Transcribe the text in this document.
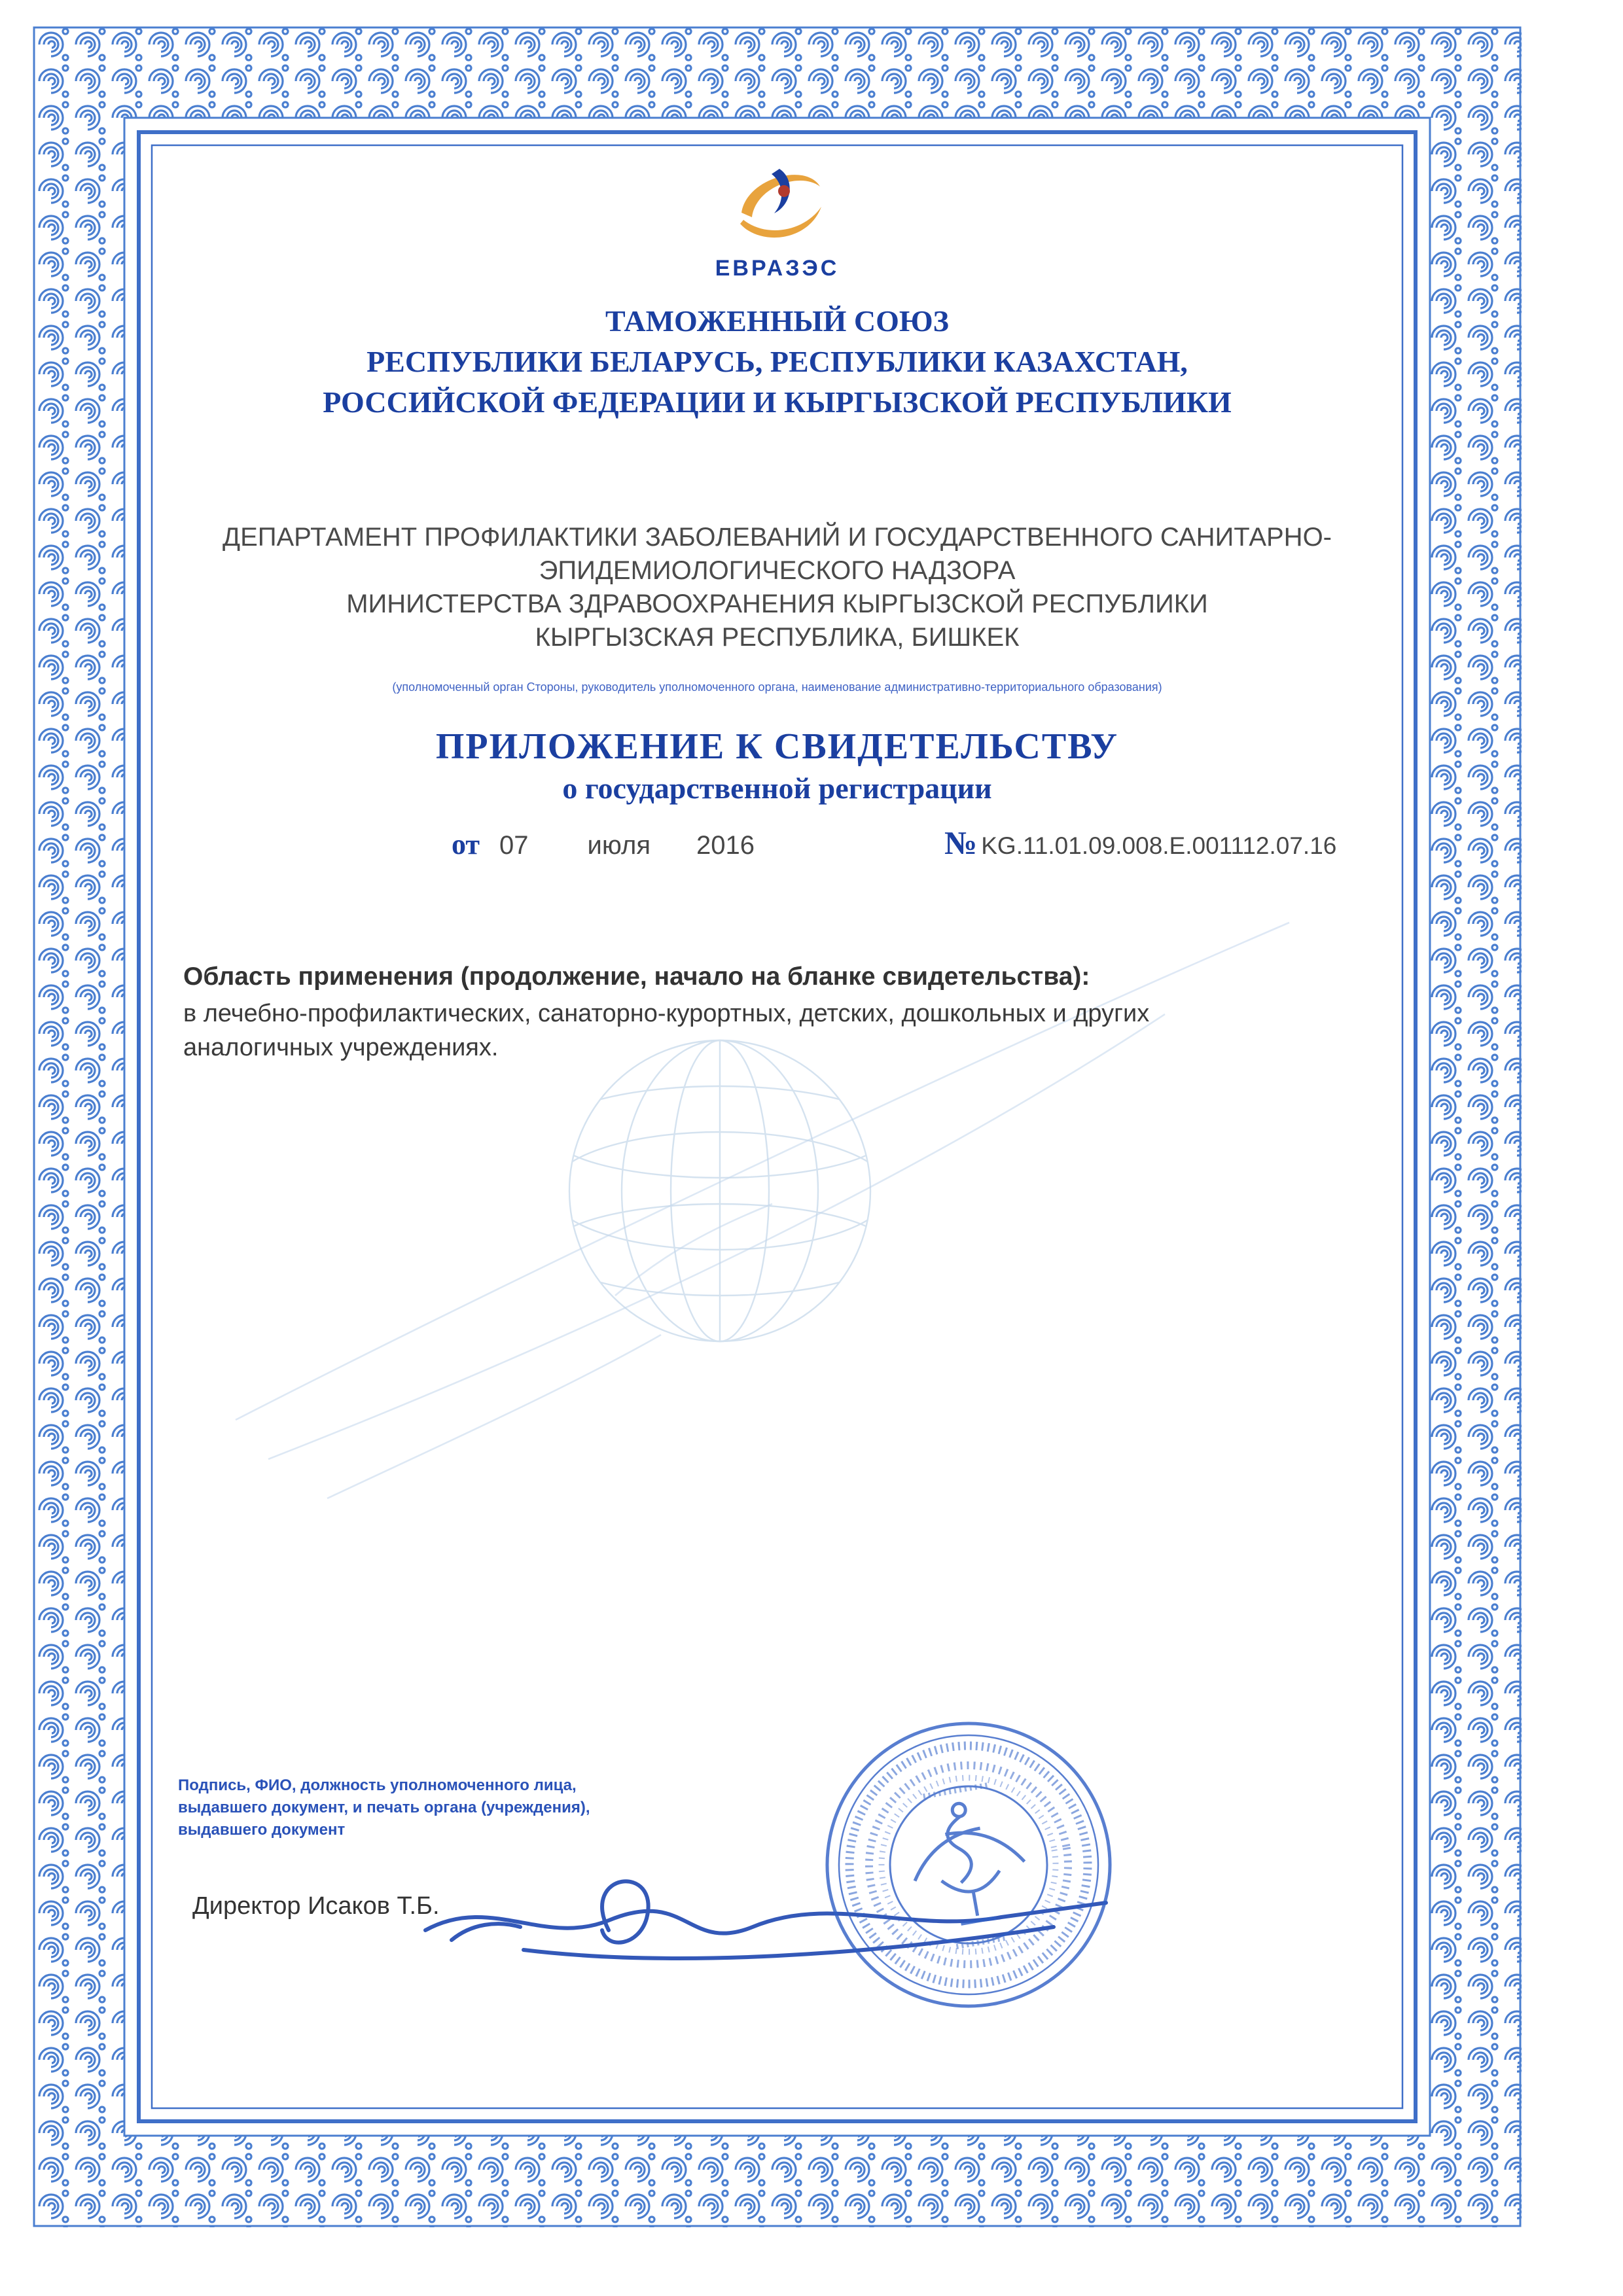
ЕВРАЗЭС
ТАМОЖЕННЫЙ СОЮЗ
РЕСПУБЛИКИ БЕЛАРУСЬ, РЕСПУБЛИКИ КАЗАХСТАН,
РОССИЙСКОЙ ФЕДЕРАЦИИ И КЫРГЫЗСКОЙ РЕСПУБЛИКИ
ДЕПАРТАМЕНТ ПРОФИЛАКТИКИ ЗАБОЛЕВАНИЙ И ГОСУДАРСТВЕННОГО САНИТАРНО-
ЭПИДЕМИОЛОГИЧЕСКОГО НАДЗОРА
МИНИСТЕРСТВА ЗДРАВООХРАНЕНИЯ КЫРГЫЗСКОЙ РЕСПУБЛИКИ
КЫРГЫЗСКАЯ РЕСПУБЛИКА, БИШКЕК
(уполномоченный орган Стороны, руководитель уполномоченного органа, наименование административно-территориального образования)
ПРИЛОЖЕНИЕ К СВИДЕТЕЛЬСТВУ
о государственной регистрации
от 07 июля 2016	№ KG.11.01.09.008.E.001112.07.16
Область применения (продолжение, начало на бланке свидетельства):
в лечебно-профилактических, санаторно-курортных, детских, дошкольных и других
аналогичных учреждениях.
Подпись, ФИО, должность уполномоченного лица,
выдавшего документ, и печать органа (учреждения),
выдавшего документ
Директор Исаков Т.Б.
